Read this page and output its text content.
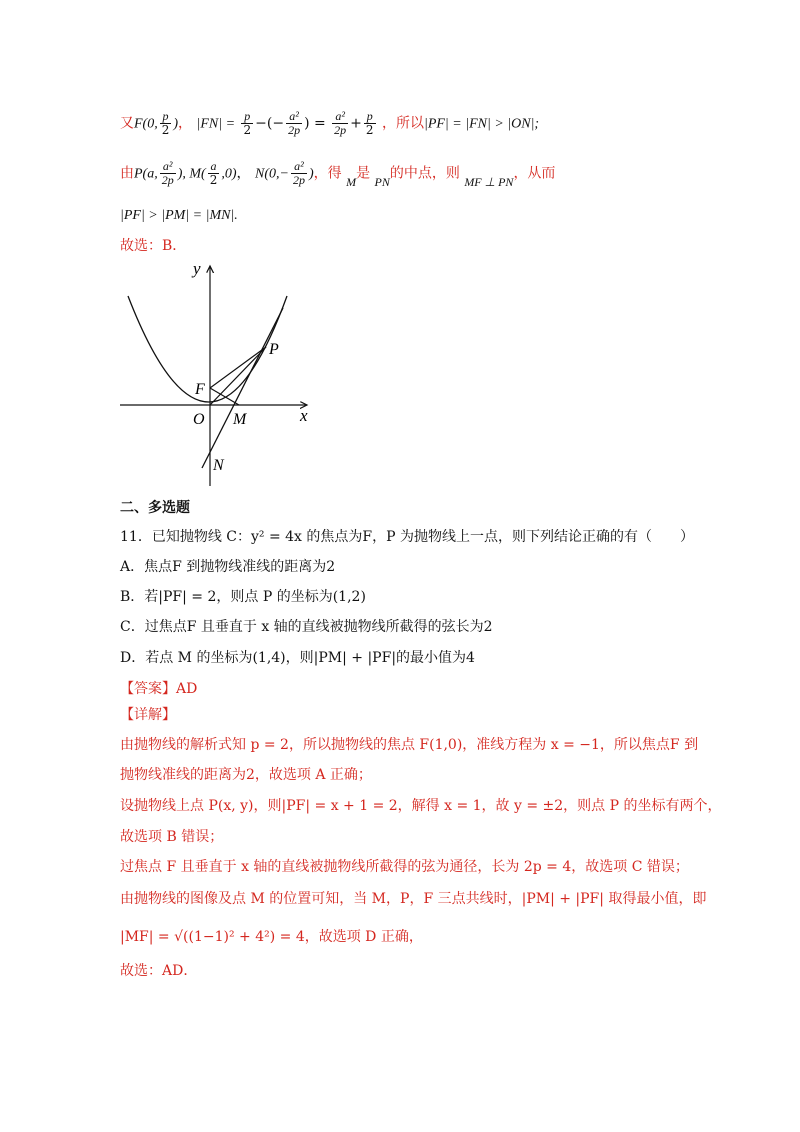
又F(0, $\frac{p}{2}$ )， $|FN| = \frac{p}{2}$ −(− $\frac{\text{a²}}{2p}$ ) = $\frac{\text{a²}}{2p} + \frac{p}{2}$ ，所以|PF| = |FN| > |ON|;
由P(a, $\frac{\text{a²}}{2p}$ ), $M( \frac{a}{2} ,0)$， $N(0,- \frac{\text{a²}}{2p}$ )，得 M是 PN的中点，则 MF ⊥ PN，从而
|PF| > |PM| = |MN|.
故选：B．
y
x
O
F
M
P
N
二、多选题
11．已知抛物线 C：y² = 4x 的焦点为F，P 为抛物线上一点，则下列结论正确的有（　　）
A．焦点F 到抛物线准线的距离为2
B．若|PF| = 2，则点 P 的坐标为(1,2)
C．过焦点F 且垂直于 x 轴的直线被抛物线所截得的弦长为2
D．若点 M 的坐标为(1,4)，则|PM| + |PF|的最小值为4
【答案】AD
【详解】
由抛物线的解析式知 p = 2，所以抛物线的焦点 F(1,0)，准线方程为 x = −1，所以焦点F 到
抛物线准线的距离为2，故选项 A 正确；
设抛物线上点 P(x, y)，则|PF| = x + 1 = 2，解得 x = 1，故 y = ±2，则点 P 的坐标有两个，
故选项 B 错误；
过焦点 F 且垂直于 x 轴的直线被抛物线所截得的弦为通径，长为 2p = 4，故选项 C 错误；
由抛物线的图像及点 M 的位置可知，当 M，P，F 三点共线时，|PM| + |PF| 取得最小值，即
|MF| = √((1−1)² + 4²) = 4，故选项 D 正确，
故选：AD．
